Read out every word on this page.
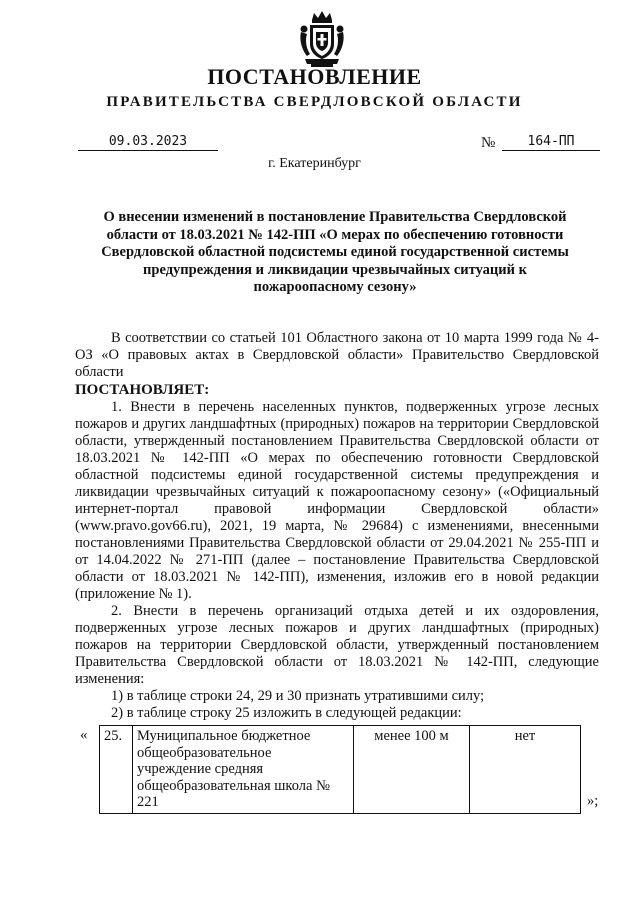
ПОСТАНОВЛЕНИЕ
ПРАВИТЕЛЬСТВА СВЕРДЛОВСКОЙ ОБЛАСТИ
09.03.2023	№	164-ПП
г. Екатеринбург
О внесении изменений в постановление Правительства Свердловской области от 18.03.2021 № 142-ПП «О мерах по обеспечению готовности Свердловской областной подсистемы единой государственной системы предупреждения и ликвидации чрезвычайных ситуаций к пожароопасному сезону»

В соответствии со статьей 101 Областного закона от 10 марта 1999 года № 4-ОЗ «О правовых актах в Свердловской области» Правительство Свердловской области

ПОСТАНОВЛЯЕТ:

1. Внести в перечень населенных пунктов, подверженных угрозе лесных пожаров и других ландшафтных (природных) пожаров на территории Свердловской области, утвержденный постановлением Правительства Свердловской области от 18.03.2021 № 142-ПП «О мерах по обеспечению готовности Свердловской областной подсистемы единой государственной системы предупреждения и ликвидации чрезвычайных ситуаций к пожароопасному сезону» («Официальный интернет-портал правовой информации Свердловской области» (www.pravo.gov66.ru), 2021, 19 марта, № 29684) с изменениями, внесенными постановлениями Правительства Свердловской области от 29.04.2021 № 255-ПП и от 14.04.2022 № 271-ПП (далее – постановление Правительства Свердловской области от 18.03.2021 № 142-ПП), изменения, изложив его в новой редакции (приложение № 1).

2. Внести в перечень организаций отдыха детей и их оздоровления, подверженных угрозе лесных пожаров и других ландшафтных (природных) пожаров на территории Свердловской области, утвержденный постановлением Правительства Свердловской области от 18.03.2021 № 142-ПП, следующие изменения:

1) в таблице строки 24, 29 и 30 признать утратившими силу;

2) в таблице строку 25 изложить в следующей редакции:

« 25.	Муниципальное бюджетное общеобразовательное учреждение средняя общеобразовательная школа № 221	менее 100 м	нет
»;
